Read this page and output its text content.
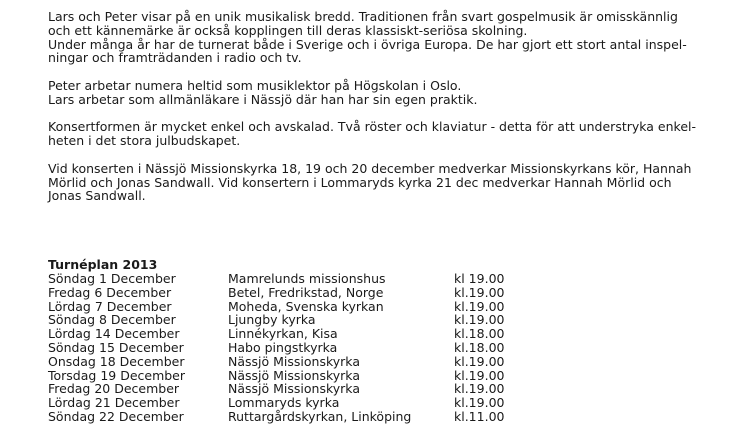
Lars och Peter visar på en unik musikalisk bredd. Traditionen från svart gospelmusik är omisskännlig
och ett kännemärke är också kopplingen till deras klassiskt-seriösa skolning.
Under många år har de turnerat både i Sverige och i övriga Europa. De har gjort ett stort antal inspel-
ningar och framträdanden i radio och tv.
Peter arbetar numera heltid som musiklektor på Högskolan i Oslo.
Lars arbetar som allmänläkare i Nässjö där han har sin egen praktik.
Konsertformen är mycket enkel och avskalad. Två röster och klaviatur - detta för att understryka enkel-
heten i det stora julbudskapet.
Vid konserten i Nässjö Missionskyrka 18, 19 och 20 december medverkar Missionskyrkans kör, Hannah
Mörlid och Jonas Sandwall. Vid konsertern i Lommaryds kyrka 21 dec medverkar Hannah Mörlid och
Jonas Sandwall.
Turnéplan 2013
Söndag 1 December	Mamrelunds missionshus	kl 19.00
Fredag 6 December	Betel, Fredrikstad, Norge	kl.19.00
Lördag 7 December	Moheda, Svenska kyrkan	kl.19.00
Söndag 8 December	Ljungby kyrka	kl.19.00
Lördag 14 December	Linnékyrkan, Kisa	kl.18.00
Söndag 15 December	Habo pingstkyrka	kl.18.00
Onsdag 18 December	Nässjö Missionskyrka	kl.19.00
Torsdag 19 December	Nässjö Missionskyrka	kl.19.00
Fredag 20 December	Nässjö Missionskyrka	kl.19.00
Lördag 21 December	Lommaryds kyrka	kl.19.00
Söndag 22 December	Ruttargårdskyrkan, Linköping	kl.11.00
